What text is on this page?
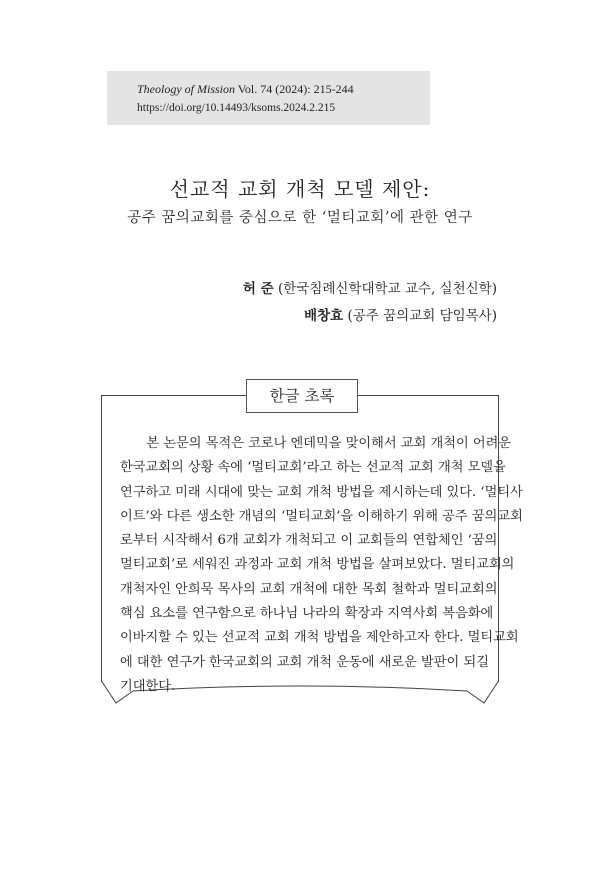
Theology of Mission Vol. 74 (2024): 215-244
https://doi.org/10.14493/ksoms.2024.2.215
선교적 교회 개척 모델 제안:
공주 꿈의교회를 중심으로 한 ‘멀티교회’에 관한 연구
허 준 (한국침례신학대학교 교수, 실천신학)
배창효 (공주 꿈의교회 담임목사)
한글 초록
　　본 논문의 목적은 코로나 엔데믹을 맞이해서 교회 개척이 어려운
한국교회의 상황 속에 ‘멀티교회’라고 하는 선교적 교회 개척 모델을
연구하고 미래 시대에 맞는 교회 개척 방법을 제시하는데 있다. ‘멀티사
이트’와 다른 생소한 개념의 ‘멀티교회’을 이해하기 위해 공주 꿈의교회
로부터 시작해서 6개 교회가 개척되고 이 교회들의 연합체인 ‘꿈의
멀티교회’로 세워진 과정과 교회 개척 방법을 살펴보았다. 멀티교회의
개척자인 안희묵 목사의 교회 개척에 대한 목회 철학과 멀티교회의
핵심 요소를 연구함으로 하나님 나라의 확장과 지역사회 복음화에
이바지할 수 있는 선교적 교회 개척 방법을 제안하고자 한다. 멀티교회
에 대한 연구가 한국교회의 교회 개척 운동에 새로운 발판이 되길
기대한다.
